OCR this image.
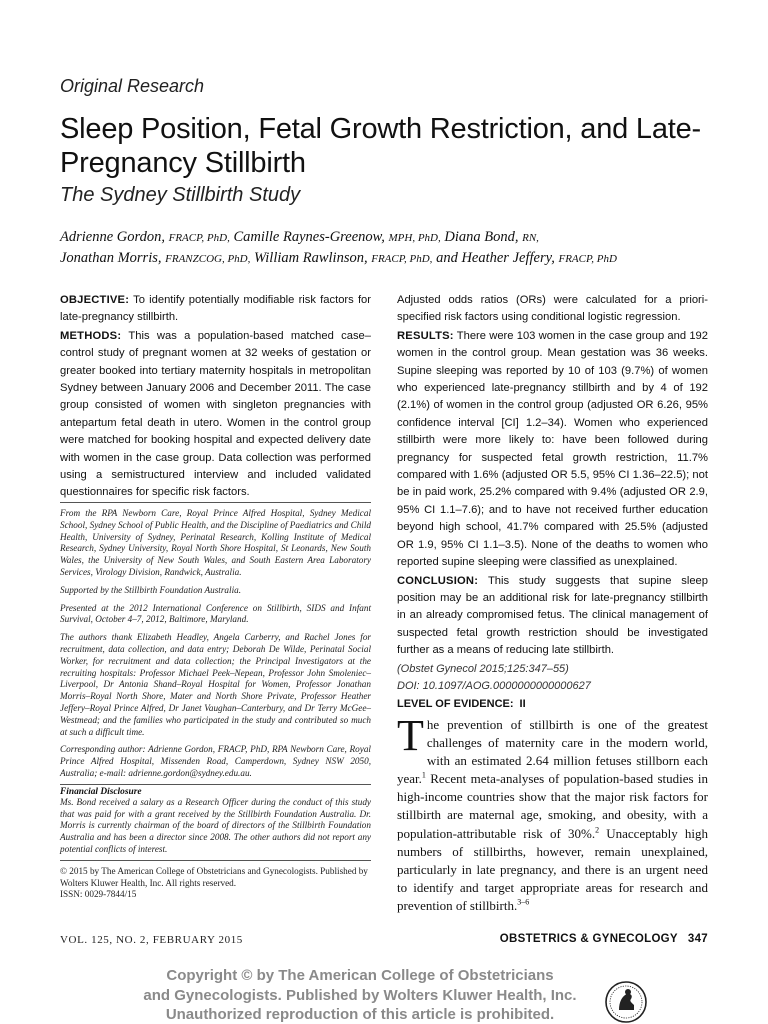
Original Research
Sleep Position, Fetal Growth Restriction, and Late-Pregnancy Stillbirth
The Sydney Stillbirth Study
Adrienne Gordon, FRACP, PhD, Camille Raynes-Greenow, MPH, PhD, Diana Bond, RN,
Jonathan Morris, FRANZCOG, PhD, William Rawlinson, FRACP, PhD, and Heather Jeffery, FRACP, PhD

OBJECTIVE: To identify potentially modifiable risk factors for late-pregnancy stillbirth.

METHODS: This was a population-based matched case–control study of pregnant women at 32 weeks of gestation or greater booked into tertiary maternity hospitals in metropolitan Sydney between January 2006 and December 2011. The case group consisted of women with singleton pregnancies with antepartum fetal death in utero. Women in the control group were matched for booking hospital and expected delivery date with women in the case group. Data collection was performed using a semistructured interview and included validated questionnaires for specific risk factors.

From the RPA Newborn Care, Royal Prince Alfred Hospital, Sydney Medical School, Sydney School of Public Health, and the Discipline of Paediatrics and Child Health, University of Sydney, Perinatal Research, Kolling Institute of Medical Research, Sydney University, Royal North Shore Hospital, St Leonards, New South Wales, the University of New South Wales, and South Eastern Area Laboratory Services, Virology Division, Randwick, Australia.

Supported by the Stillbirth Foundation Australia.

Presented at the 2012 International Conference on Stillbirth, SIDS and Infant Survival, October 4–7, 2012, Baltimore, Maryland.

The authors thank Elizabeth Headley, Angela Carberry, and Rachel Jones for recruitment, data collection, and data entry; Deborah De Wilde, Perinatal Social Worker, for recruitment and data collection; the Principal Investigators at the recruiting hospitals: Professor Michael Peek–Nepean, Professor John Smoleniec–Liverpool, Dr Antonia Shand–Royal Hospital for Women, Professor Jonathan Morris–Royal North Shore, Mater and North Shore Private, Professor Heather Jeffery–Royal Prince Alfred, Dr Janet Vaughan–Canterbury, and Dr Terry McGee–Westmead; and the families who participated in the study and contributed so much at such a difficult time.

Corresponding author: Adrienne Gordon, FRACP, PhD, RPA Newborn Care, Royal Prince Alfred Hospital, Missenden Road, Camperdown, Sydney NSW 2050, Australia; e-mail: adrienne.gordon@sydney.edu.au.

Financial Disclosure

Ms. Bond received a salary as a Research Officer during the conduct of this study that was paid for with a grant received by the Stillbirth Foundation Australia. Dr. Morris is currently chairman of the board of directors of the Stillbirth Foundation Australia and has been a director since 2008. The other authors did not report any potential conflicts of interest.

© 2015 by The American College of Obstetricians and Gynecologists. Published by Wolters Kluwer Health, Inc. All rights reserved.

ISSN: 0029-7844/15

Adjusted odds ratios (ORs) were calculated for a priori-specified risk factors using conditional logistic regression.

RESULTS: There were 103 women in the case group and 192 women in the control group. Mean gestation was 36 weeks. Supine sleeping was reported by 10 of 103 (9.7%) of women who experienced late-pregnancy stillbirth and by 4 of 192 (2.1%) of women in the control group (adjusted OR 6.26, 95% confidence interval [CI] 1.2–34). Women who experienced stillbirth were more likely to: have been followed during pregnancy for suspected fetal growth restriction, 11.7% compared with 1.6% (adjusted OR 5.5, 95% CI 1.36–22.5); not be in paid work, 25.2% compared with 9.4% (adjusted OR 2.9, 95% CI 1.1–7.6); and to have not received further education beyond high school, 41.7% compared with 25.5% (adjusted OR 1.9, 95% CI 1.1–3.5). None of the deaths to women who reported supine sleeping were classified as unexplained.

CONCLUSION: This study suggests that supine sleep position may be an additional risk for late-pregnancy stillbirth in an already compromised fetus. The clinical management of suspected fetal growth restriction should be investigated further as a means of reducing late stillbirth.

(Obstet Gynecol 2015;125:347–55)
DOI: 10.1097/AOG.0000000000000627
LEVEL OF EVIDENCE: II
The prevention of stillbirth is one of the greatest challenges of maternity care in the modern world, with an estimated 2.64 million fetuses stillborn each year.$^1$ Recent meta-analyses of population-based studies in high-income countries show that the major risk factors for stillbirth are maternal age, smoking, and obesity, with a population-attributable risk of 30%.$^2$ Unacceptably high numbers of stillbirths, however, remain unexplained, particularly in late pregnancy, and there is an urgent need to identify and target appropriate areas for research and prevention of stillbirth.$^{3-6}$
VOL. 125, NO. 2, FEBRUARY 2015	OBSTETRICS & GYNECOLOGY 347
Copyright © by The American College of Obstetricians
and Gynecologists. Published by Wolters Kluwer Health, Inc.
Unauthorized reproduction of this article is prohibited.
